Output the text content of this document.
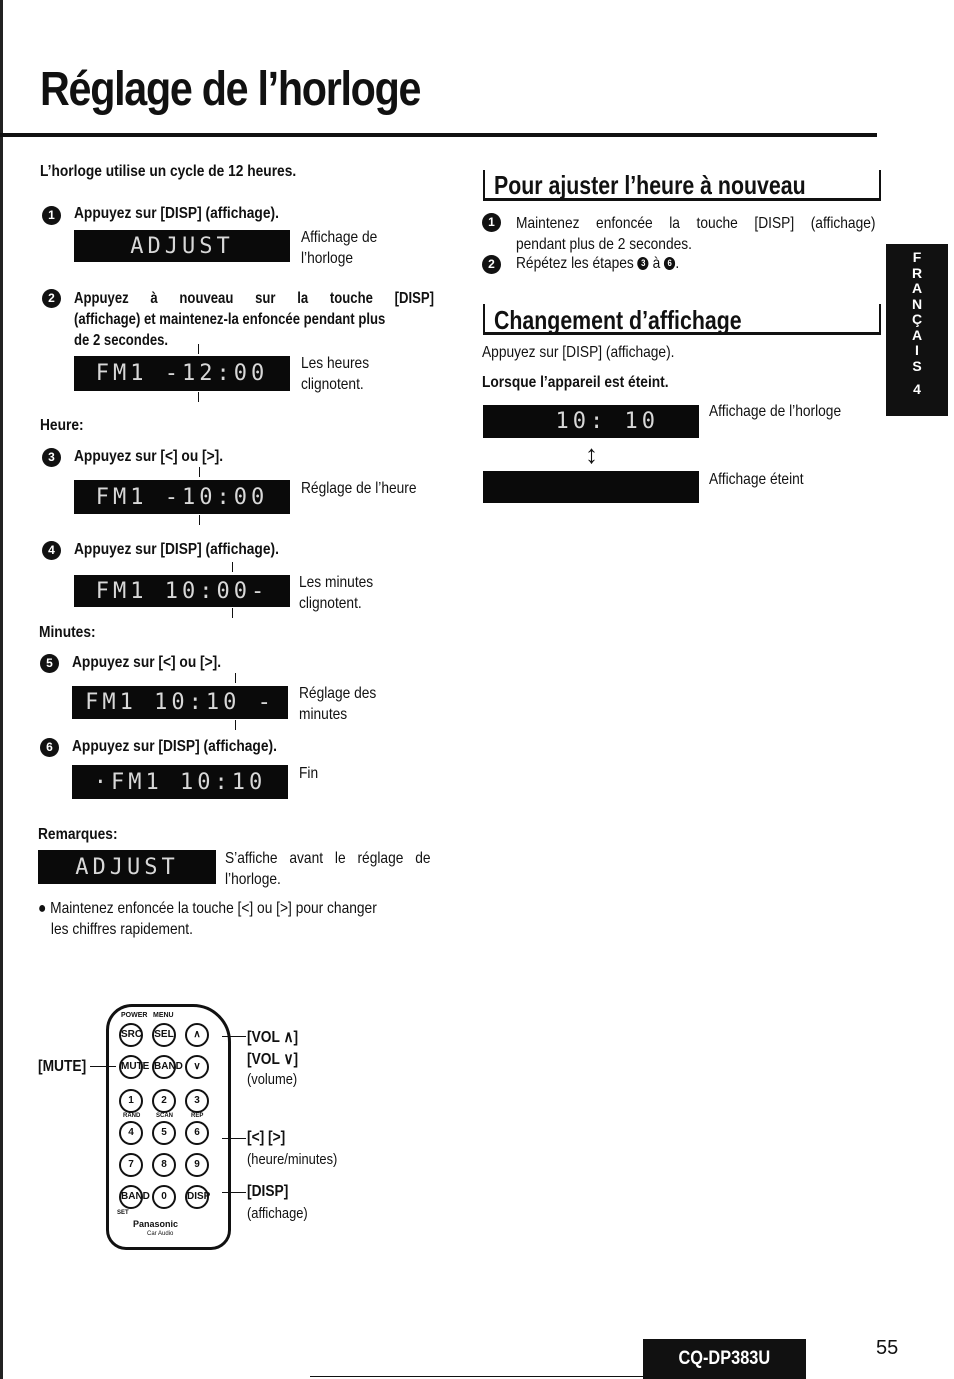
Réglage de l’horloge
F
R
A
N
Ç
A
I
S
4
L’horloge utilise un cycle de 12 heures.
1	Appuyez sur [DISP] (affichage).
ADJUST	Affichage de
l’horloge
2	Appuyez à nouveau sur la touche [DISP]
(affichage) et maintenez-la enfoncée pendant plus
de 2 secondes.
FM1 -12:00	Les heures
clignotent.
Heure:
3	Appuyez sur [<] ou [>].
FM1 -10:00	Réglage de l’heure
4	Appuyez sur [DISP] (affichage).
FM1 10:00-	Les minutes
clignotent.
Minutes:
5	Appuyez sur [<] ou [>].
FM1 10:10 -	Réglage des
minutes
6	Appuyez sur [DISP] (affichage).
·FM1 10:10	Fin
Remarques:
ADJUST	S’affiche avant le réglage de
l’horloge.
● Maintenez enfoncée la touche [<] ou [>] pour changer
les chiffres rapidement.
Pour ajuster l’heure à nouveau
1	Maintenez enfoncée la touche [DISP] (affichage)
pendant plus de 2 secondes.
2	Répétez les étapes 3 à 6 .
Changement d’affichage
Appuyez sur [DISP] (affichage).
Lorsque l’appareil est éteint.
10: 10	Affichage de l’horloge
↕
Affichage éteint
[MUTE]
POWER MENU
SRC SEL	∧
MUTE BAND	∨
1	2	3
RAND	SCAN	REP
4	5	6
7	8	9
BAND	0	DISP
SET
Panasonic
Car Audio
[VOL ∧]
[VOL ∨]
(volume)
[<] [>]
(heure/minutes)
[DISP]
(affichage)
CQ-DP383U	55
